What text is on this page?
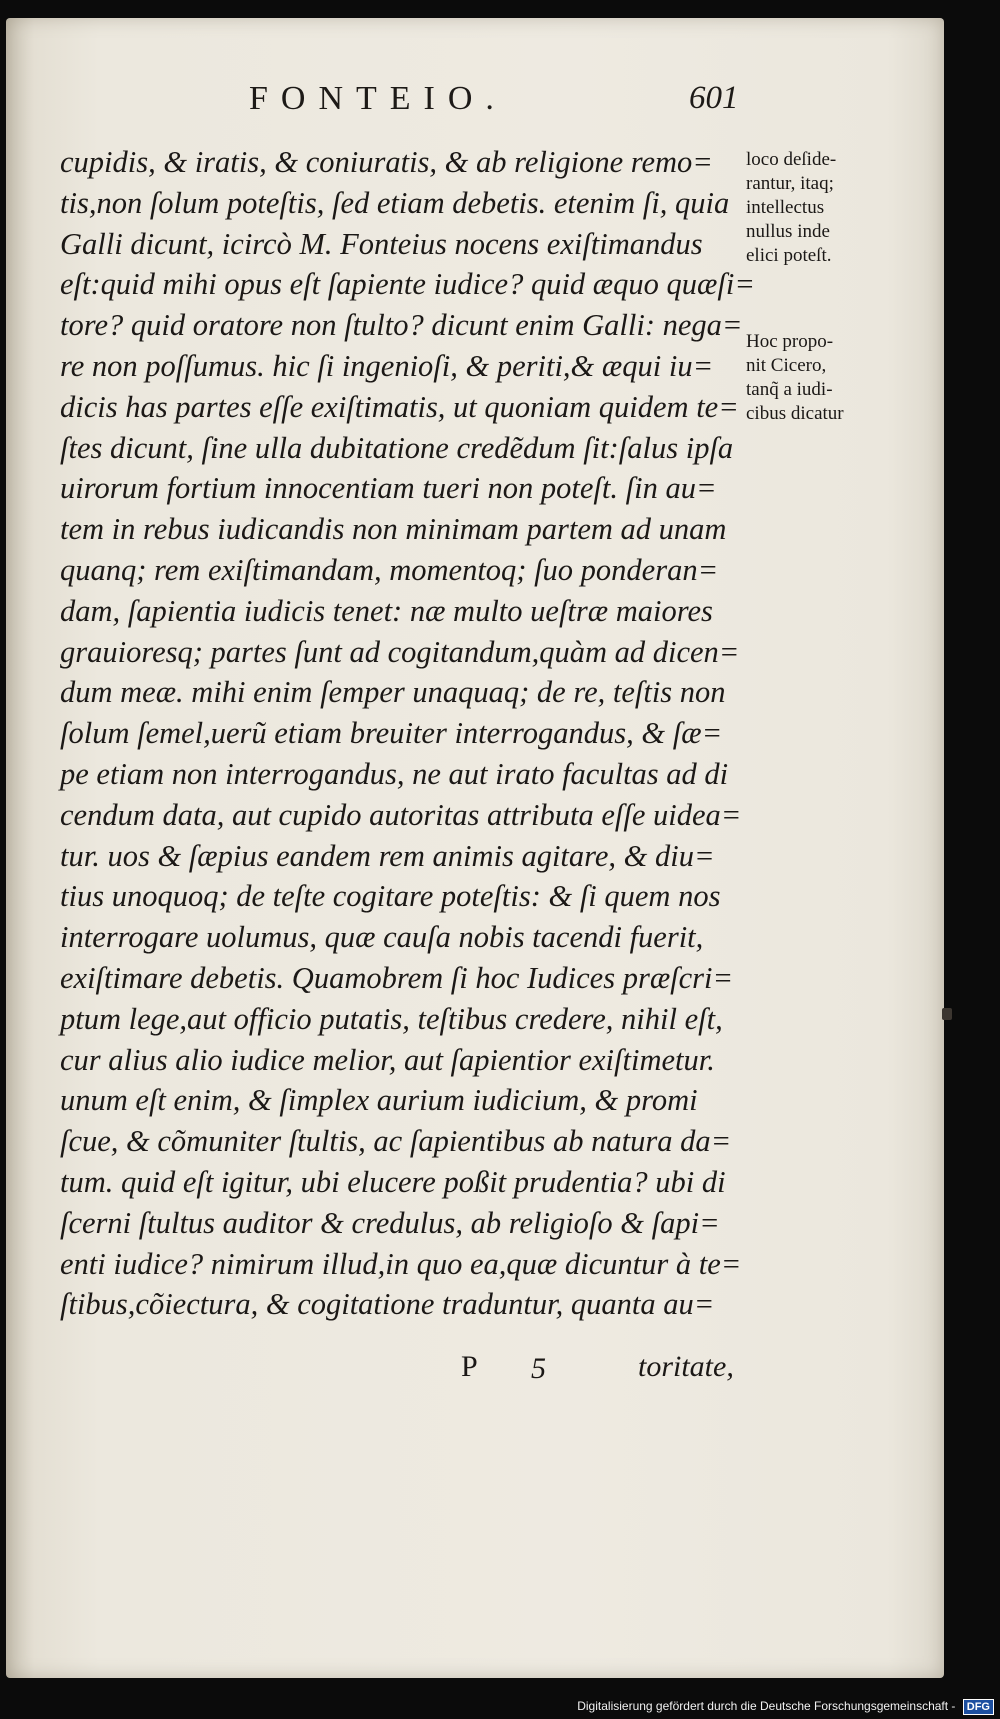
FONTEIO.	601
cupidis, & iratis, & coniuratis, & ab religione remo=
tis,non ſolum poteſtis, ſed etiam debetis. etenim ſi, quia
Galli dicunt, icircò M. Fonteius nocens exiſtimandus
eſt:quid mihi opus eſt ſapiente iudice? quid æquo quæſi=
tore? quid oratore non ſtulto? dicunt enim Galli: nega=
re non poſſumus. hic ſi ingenioſi, & periti,& æqui iu=
dicis has partes eſſe exiſtimatis, ut quoniam quidem te=
ſtes dicunt, ſine ulla dubitatione credẽdum ſit:ſalus ipſa
uirorum fortium innocentiam tueri non poteſt. ſin au=
tem in rebus iudicandis non minimam partem ad unam
quanq; rem exiſtimandam, momentoq; ſuo ponderan=
dam, ſapientia iudicis tenet: næ multo ueſtræ maiores
grauioresq; partes ſunt ad cogitandum,quàm ad dicen=
dum meæ. mihi enim ſemper unaquaq; de re, teſtis non
ſolum ſemel,uerũ etiam breuiter interrogandus, & ſæ=
pe etiam non interrogandus, ne aut irato facultas ad di
cendum data, aut cupido autoritas attributa eſſe uidea=
tur. uos & ſæpius eandem rem animis agitare, & diu=
tius unoquoq; de teſte cogitare poteſtis: & ſi quem nos
interrogare uolumus, quæ cauſa nobis tacendi fuerit,
exiſtimare debetis. Quamobrem ſi hoc Iudices præſcri=
ptum lege,aut officio putatis, teſtibus credere, nihil eſt,
cur alius alio iudice melior, aut ſapientior exiſtimetur.
unum eſt enim, & ſimplex aurium iudicium, & promi
ſcue, & cõmuniter ſtultis, ac ſapientibus ab natura da=
tum. quid eſt igitur, ubi elucere poßit prudentia? ubi di
ſcerni ſtultus auditor & credulus, ab religioſo & ſapi=
enti iudice? nimirum illud,in quo ea,quæ dicuntur à te=
ſtibus,cõiectura, & cogitatione traduntur, quanta au=
loco deſide-
rantur, itaq;
intellectus
nullus inde
elici poteſt.
Hoc propo-
nit Cicero,
tanq̃ a iudi-
cibus dicatur
P 5	toritate,
Digitalisierung gefördert durch die Deutsche Forschungsgemeinschaft - DFG
